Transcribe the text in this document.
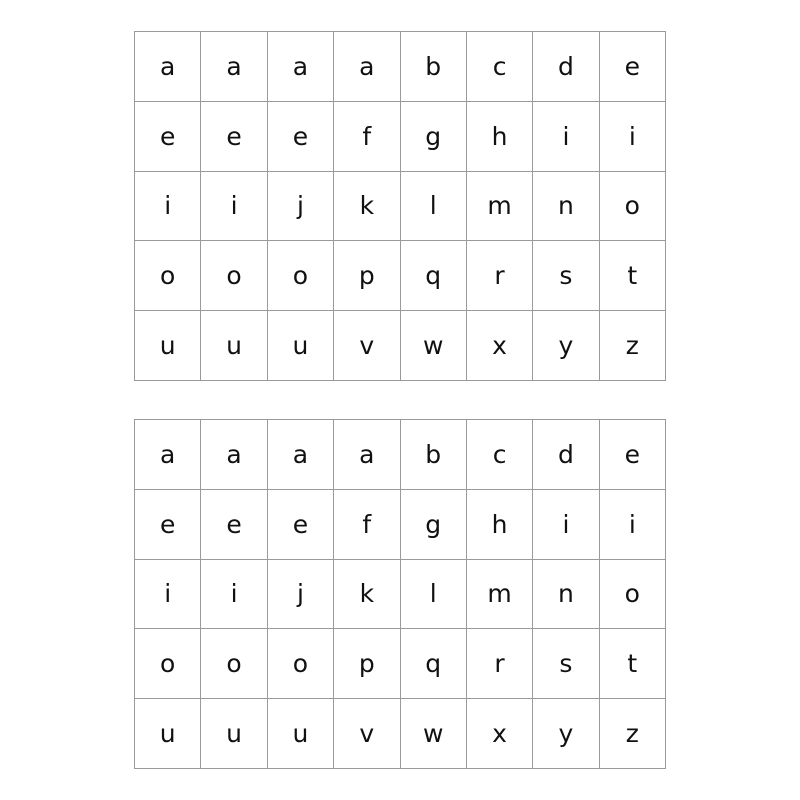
a	a	a	a	b	c	d	e
e	e	e	f	g	h	i	i
i	i	j	k	l	m	n	o
o	o	o	p	q	r	s	t
u	u	u	v	w	x	y	z
a	a	a	a	b	c	d	e
e	e	e	f	g	h	i	i
i	i	j	k	l	m	n	o
o	o	o	p	q	r	s	t
u	u	u	v	w	x	y	z
